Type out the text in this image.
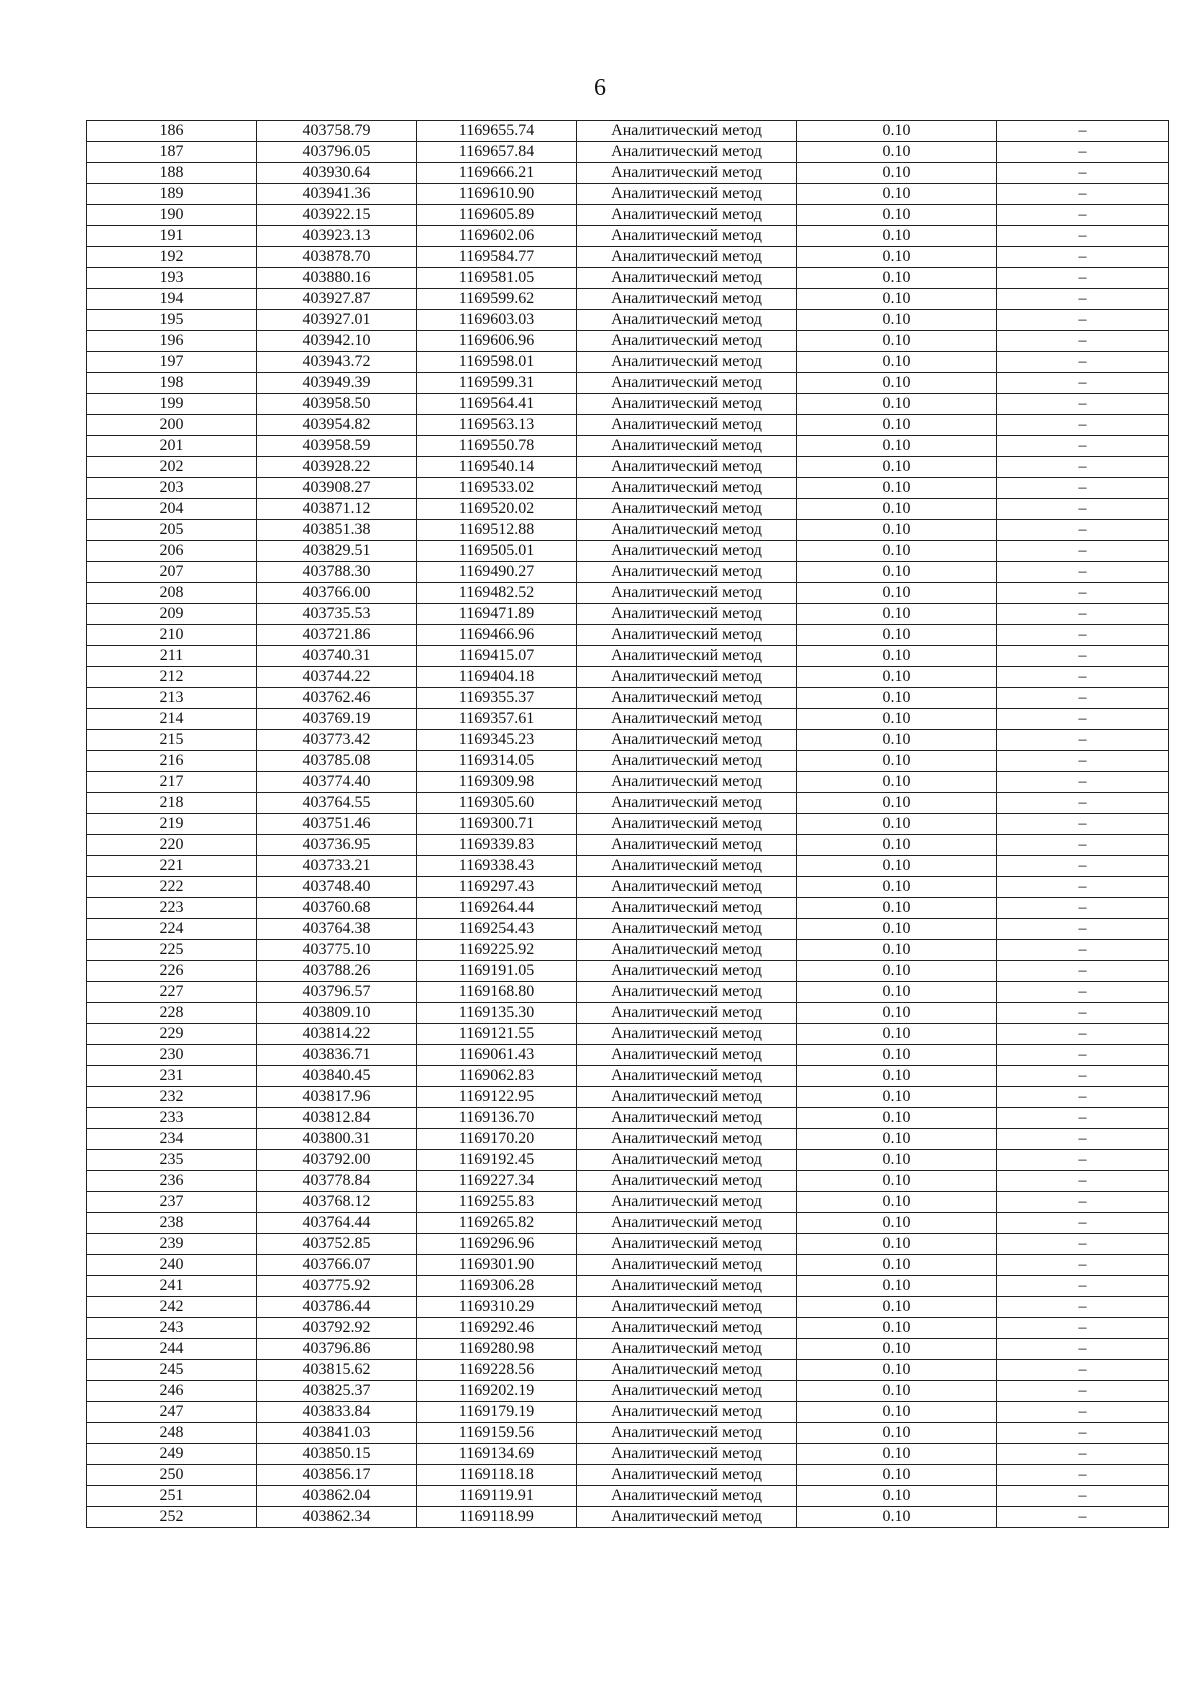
6
186	403758.79	1169655.74	Аналитический метод	0.10	–
187	403796.05	1169657.84	Аналитический метод	0.10	–
188	403930.64	1169666.21	Аналитический метод	0.10	–
189	403941.36	1169610.90	Аналитический метод	0.10	–
190	403922.15	1169605.89	Аналитический метод	0.10	–
191	403923.13	1169602.06	Аналитический метод	0.10	–
192	403878.70	1169584.77	Аналитический метод	0.10	–
193	403880.16	1169581.05	Аналитический метод	0.10	–
194	403927.87	1169599.62	Аналитический метод	0.10	–
195	403927.01	1169603.03	Аналитический метод	0.10	–
196	403942.10	1169606.96	Аналитический метод	0.10	–
197	403943.72	1169598.01	Аналитический метод	0.10	–
198	403949.39	1169599.31	Аналитический метод	0.10	–
199	403958.50	1169564.41	Аналитический метод	0.10	–
200	403954.82	1169563.13	Аналитический метод	0.10	–
201	403958.59	1169550.78	Аналитический метод	0.10	–
202	403928.22	1169540.14	Аналитический метод	0.10	–
203	403908.27	1169533.02	Аналитический метод	0.10	–
204	403871.12	1169520.02	Аналитический метод	0.10	–
205	403851.38	1169512.88	Аналитический метод	0.10	–
206	403829.51	1169505.01	Аналитический метод	0.10	–
207	403788.30	1169490.27	Аналитический метод	0.10	–
208	403766.00	1169482.52	Аналитический метод	0.10	–
209	403735.53	1169471.89	Аналитический метод	0.10	–
210	403721.86	1169466.96	Аналитический метод	0.10	–
211	403740.31	1169415.07	Аналитический метод	0.10	–
212	403744.22	1169404.18	Аналитический метод	0.10	–
213	403762.46	1169355.37	Аналитический метод	0.10	–
214	403769.19	1169357.61	Аналитический метод	0.10	–
215	403773.42	1169345.23	Аналитический метод	0.10	–
216	403785.08	1169314.05	Аналитический метод	0.10	–
217	403774.40	1169309.98	Аналитический метод	0.10	–
218	403764.55	1169305.60	Аналитический метод	0.10	–
219	403751.46	1169300.71	Аналитический метод	0.10	–
220	403736.95	1169339.83	Аналитический метод	0.10	–
221	403733.21	1169338.43	Аналитический метод	0.10	–
222	403748.40	1169297.43	Аналитический метод	0.10	–
223	403760.68	1169264.44	Аналитический метод	0.10	–
224	403764.38	1169254.43	Аналитический метод	0.10	–
225	403775.10	1169225.92	Аналитический метод	0.10	–
226	403788.26	1169191.05	Аналитический метод	0.10	–
227	403796.57	1169168.80	Аналитический метод	0.10	–
228	403809.10	1169135.30	Аналитический метод	0.10	–
229	403814.22	1169121.55	Аналитический метод	0.10	–
230	403836.71	1169061.43	Аналитический метод	0.10	–
231	403840.45	1169062.83	Аналитический метод	0.10	–
232	403817.96	1169122.95	Аналитический метод	0.10	–
233	403812.84	1169136.70	Аналитический метод	0.10	–
234	403800.31	1169170.20	Аналитический метод	0.10	–
235	403792.00	1169192.45	Аналитический метод	0.10	–
236	403778.84	1169227.34	Аналитический метод	0.10	–
237	403768.12	1169255.83	Аналитический метод	0.10	–
238	403764.44	1169265.82	Аналитический метод	0.10	–
239	403752.85	1169296.96	Аналитический метод	0.10	–
240	403766.07	1169301.90	Аналитический метод	0.10	–
241	403775.92	1169306.28	Аналитический метод	0.10	–
242	403786.44	1169310.29	Аналитический метод	0.10	–
243	403792.92	1169292.46	Аналитический метод	0.10	–
244	403796.86	1169280.98	Аналитический метод	0.10	–
245	403815.62	1169228.56	Аналитический метод	0.10	–
246	403825.37	1169202.19	Аналитический метод	0.10	–
247	403833.84	1169179.19	Аналитический метод	0.10	–
248	403841.03	1169159.56	Аналитический метод	0.10	–
249	403850.15	1169134.69	Аналитический метод	0.10	–
250	403856.17	1169118.18	Аналитический метод	0.10	–
251	403862.04	1169119.91	Аналитический метод	0.10	–
252	403862.34	1169118.99	Аналитический метод	0.10	–
